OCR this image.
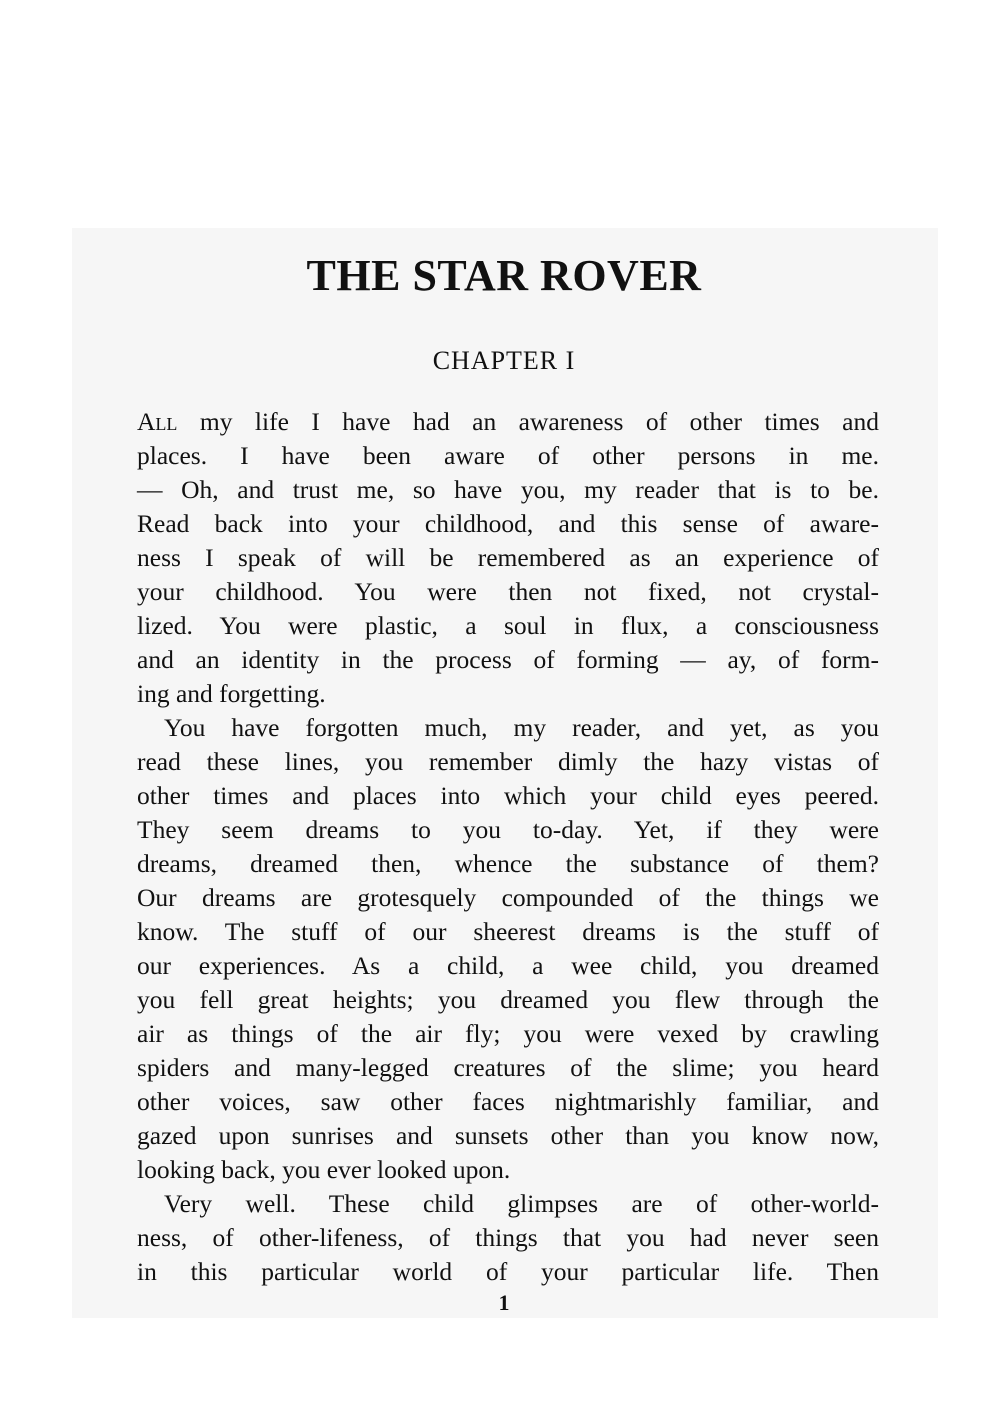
THE STAR ROVER
CHAPTER I
All my life I have had an awareness of other times and
places. I have been aware of other persons in me.
— Oh, and trust me, so have you, my reader that is to be.
Read back into your childhood, and this sense of aware-
ness I speak of will be remembered as an experience of
your childhood. You were then not fixed, not crystal-
lized. You were plastic, a soul in flux, a consciousness
and an identity in the process of forming — ay, of form-
ing and forgetting.
You have forgotten much, my reader, and yet, as you
read these lines, you remember dimly the hazy vistas of
other times and places into which your child eyes peered.
They seem dreams to you to-day. Yet, if they were
dreams, dreamed then, whence the substance of them?
Our dreams are grotesquely compounded of the things we
know. The stuff of our sheerest dreams is the stuff of
our experiences. As a child, a wee child, you dreamed
you fell great heights; you dreamed you flew through the
air as things of the air fly; you were vexed by crawling
spiders and many-legged creatures of the slime; you heard
other voices, saw other faces nightmarishly familiar, and
gazed upon sunrises and sunsets other than you know now,
looking back, you ever looked upon.
Very well. These child glimpses are of other-world-
ness, of other-lifeness, of things that you had never seen
in this particular world of your particular life. Then
1
